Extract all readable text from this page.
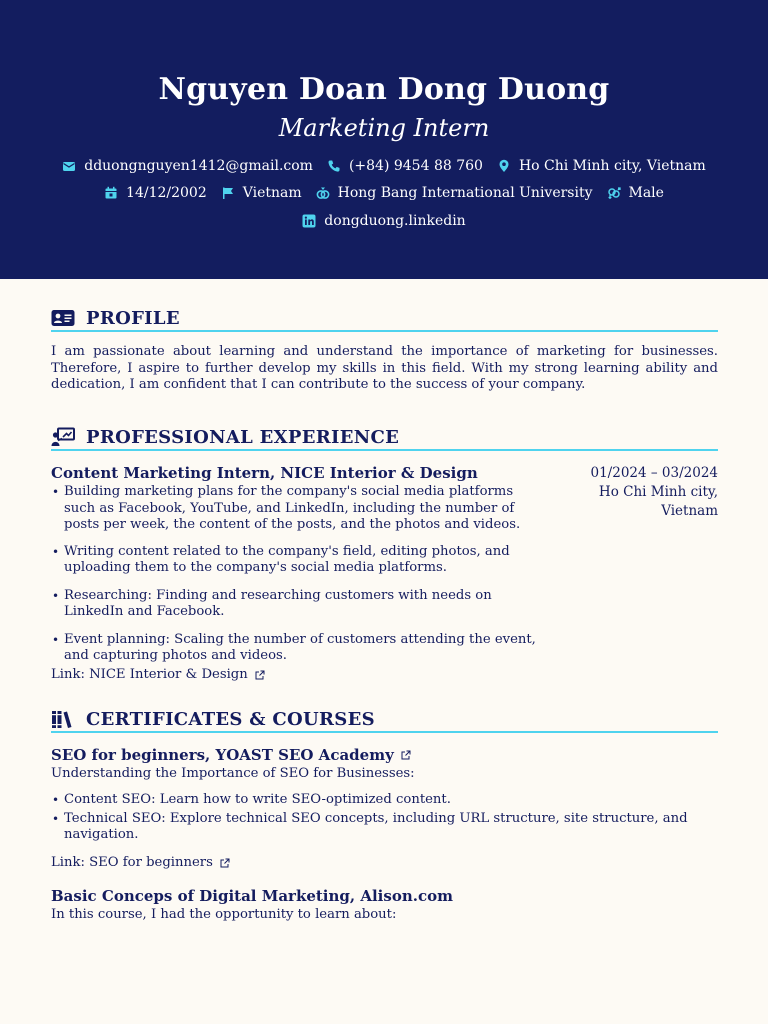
Nguyen Doan Dong Duong
Marketing Intern
dduongnguyen1412@gmail.com	(+84) 9454 88 760	Ho Chi Minh city, Vietnam
14/12/2002	Vietnam	Hong Bang International University	Male
dongduong.linkedin
PROFILE
I am passionate about learning and understand the importance of marketing for businesses. Therefore, I aspire to further develop my skills in this field. With my strong learning ability and dedication, I am confident that I can contribute to the success of your company.
PROFESSIONAL EXPERIENCE
Content Marketing Intern, NICE Interior & Design	01/2024 – 03/2024
Ho Chi Minh city, Vietnam
• Building marketing plans for the company's social media platforms such as Facebook, YouTube, and LinkedIn, including the number of posts per week, the content of the posts, and the photos and videos.
• Writing content related to the company's field, editing photos, and uploading them to the company's social media platforms.
• Researching: Finding and researching customers with needs on LinkedIn and Facebook.
• Event planning: Scaling the number of customers attending the event, and capturing photos and videos.
Link: NICE Interior & Design
CERTIFICATES & COURSES
SEO for beginners, YOAST SEO Academy
Understanding the Importance of SEO for Businesses:
• Content SEO: Learn how to write SEO-optimized content.
• Technical SEO: Explore technical SEO concepts, including URL structure, site structure, and navigation.
Link: SEO for beginners
Basic Conceps of Digital Marketing, Alison.com
In this course, I had the opportunity to learn about:
